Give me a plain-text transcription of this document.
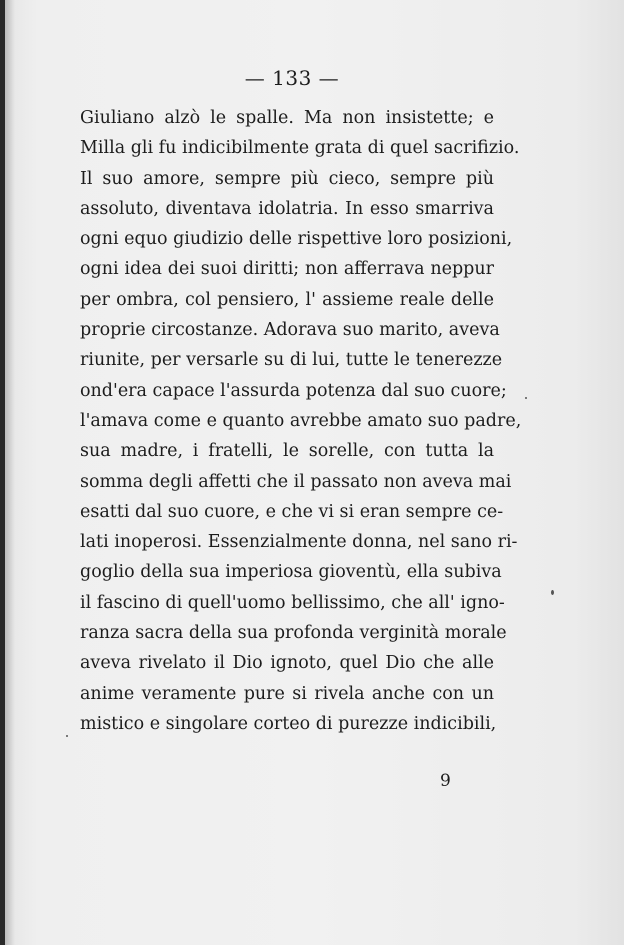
— 133 —
Giuliano alzò le spalle. Ma non insistette; e
Milla gli fu indicibilmente grata di quel sacrifizio.
Il suo amore, sempre più cieco, sempre più
assoluto, diventava idolatria. In esso smarriva
ogni equo giudizio delle rispettive loro posizioni,
ogni idea dei suoi diritti; non afferrava neppur
per ombra, col pensiero, l' assieme reale delle
proprie circostanze. Adorava suo marito, aveva
riunite, per versarle su di lui, tutte le tenerezze
ond'era capace l'assurda potenza dal suo cuore;
l'amava come e quanto avrebbe amato suo padre,
sua madre, i fratelli, le sorelle, con tutta la
somma degli affetti che il passato non aveva mai
esatti dal suo cuore, e che vi si eran sempre ce-
lati inoperosi. Essenzialmente donna, nel sano ri-
goglio della sua imperiosa gioventù, ella subiva
il fascino di quell'uomo bellissimo, che all' igno-
ranza sacra della sua profonda verginità morale
aveva rivelato il Dio ignoto, quel Dio che alle
anime veramente pure si rivela anche con un
mistico e singolare corteo di purezze indicibili,
9
